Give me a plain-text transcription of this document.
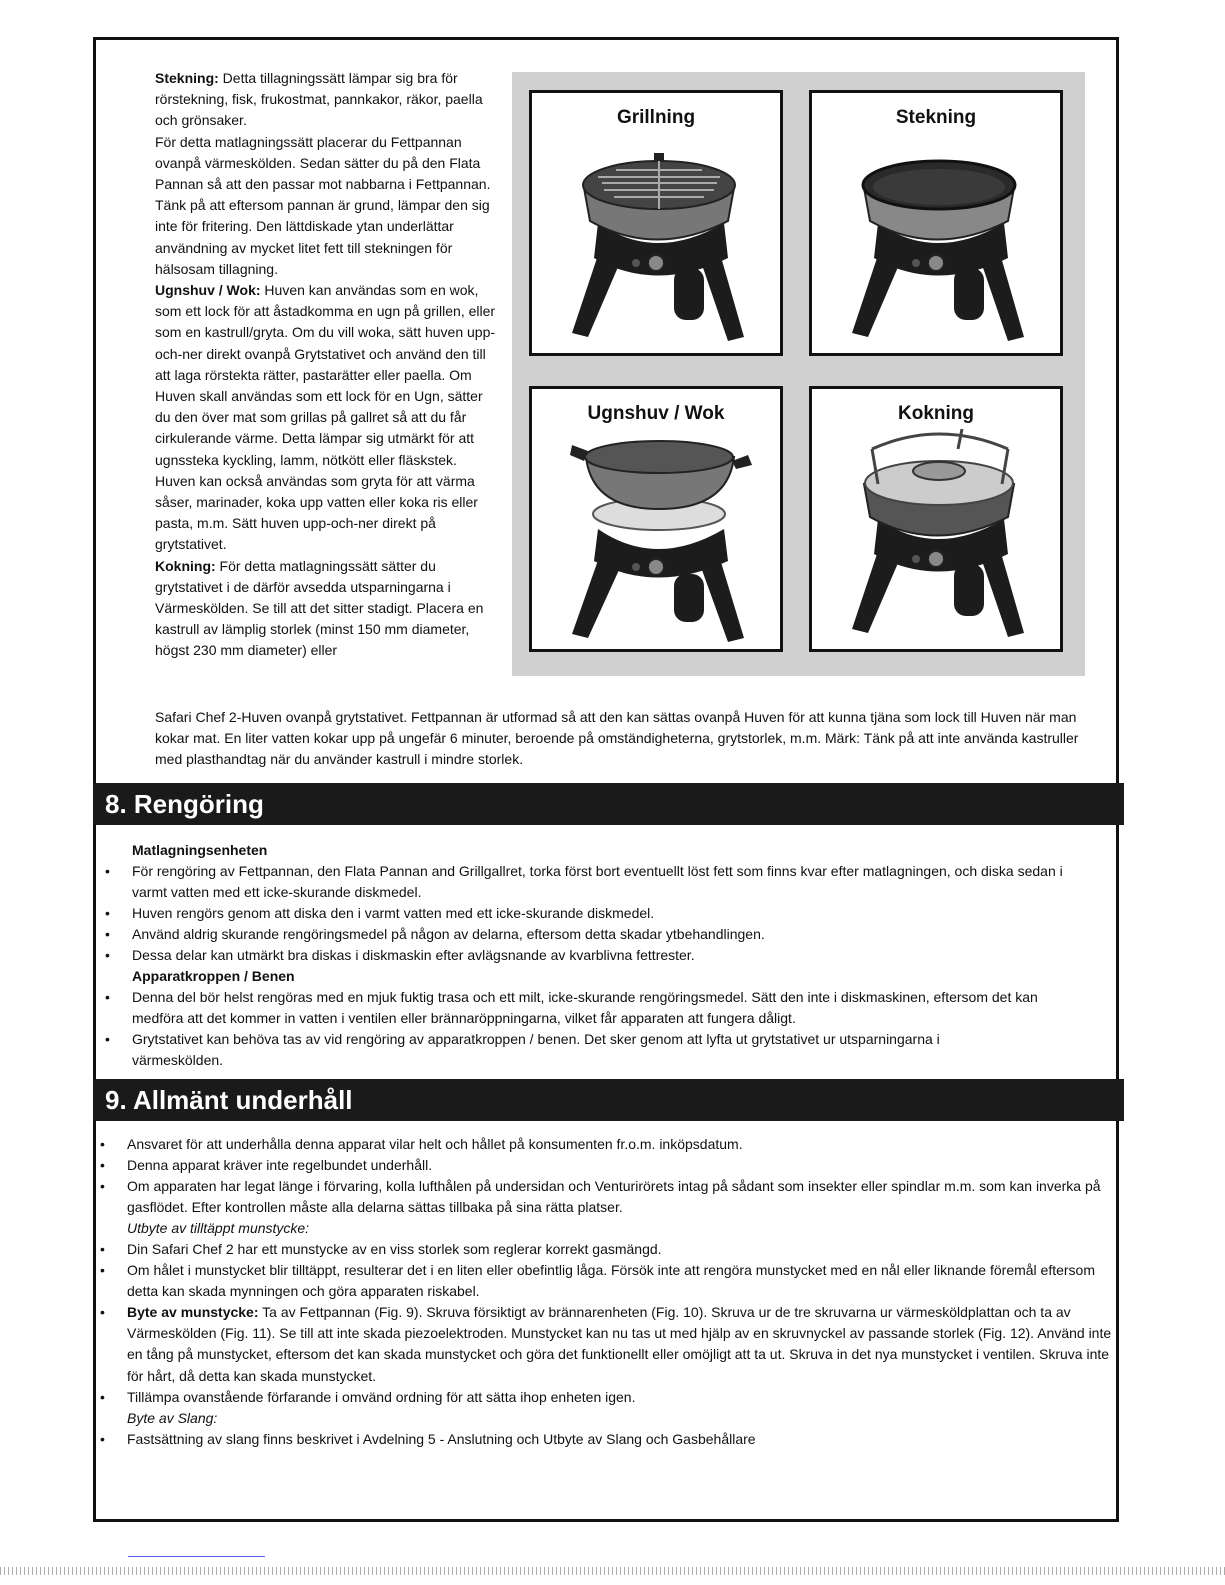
Stekning: Detta tillagningssätt lämpar sig bra för rörstekning, fisk, frukostmat, pannkakor, räkor, paella och grönsaker.

För detta matlagningssätt placerar du Fettpannan ovanpå värmeskölden. Sedan sätter du på den Flata Pannan så att den passar mot nabbarna i Fettpannan. Tänk på att eftersom pannan är grund, lämpar den sig inte för fritering. Den lättdiskade ytan underlättar användning av mycket litet fett till stekningen för hälsosam tillagning.

Ugnshuv / Wok: Huven kan användas som en wok, som ett lock för att åstadkomma en ugn på grillen, eller som en kastrull/gryta. Om du vill woka, sätt huven upp-och-ner direkt ovanpå Grytstativet och använd den till att laga rörstekta rätter, pastarätter eller paella. Om Huven skall användas som ett lock för en Ugn, sätter du den över mat som grillas på gallret så att du får cirkulerande värme. Detta lämpar sig utmärkt för att ugnssteka kyckling, lamm, nötkött eller fläskstek. Huven kan också användas som gryta för att värma såser, marinader, koka upp vatten eller koka ris eller pasta, m.m. Sätt huven upp-och-ner direkt på grytstativet.

Kokning: För detta matlagningssätt sätter du grytstativet i de därför avsedda utsparningarna i Värmeskölden. Se till att det sitter stadigt. Placera en kastrull av lämplig storlek (minst 150 mm diameter, högst 230 mm diameter) eller

Safari Chef 2-Huven ovanpå grytstativet. Fettpannan är utformad så att den kan sättas ovanpå Huven för att kunna tjäna som lock till Huven när man kokar mat. En liter vatten kokar upp på ungefär 6 minuter, beroende på omständigheterna, grytstorlek, m.m. Märk: Tänk på att inte använda kastruller med plasthandtag när du använder kastrull i mindre storlek.
Grillning	Stekning
Ugnshuv / Wok	Kokning
8. Rengöring
Matlagningsenheten
• För rengöring av Fettpannan, den Flata Pannan and Grillgallret, torka först bort eventuellt löst fett som finns kvar efter matlagningen, och diska sedan i varmt vatten med ett icke-skurande diskmedel.
• Huven rengörs genom att diska den i varmt vatten med ett icke-skurande diskmedel.
• Använd aldrig skurande rengöringsmedel på någon av delarna, eftersom detta skadar ytbehandlingen.
• Dessa delar kan utmärkt bra diskas i diskmaskin efter avlägsnande av kvarblivna fettrester.
Apparatkroppen / Benen
• Denna del bör helst rengöras med en mjuk fuktig trasa och ett milt, icke-skurande rengöringsmedel. Sätt den inte i diskmaskinen, eftersom det kan medföra att det kommer in vatten i ventilen eller brännaröppningarna, vilket får apparaten att fungera dåligt.
• Grytstativet kan behöva tas av vid rengöring av apparatkroppen / benen. Det sker genom att lyfta ut grytstativet ur utsparningarna i värmeskölden.
9. Allmänt underhåll
• Ansvaret för att underhålla denna apparat vilar helt och hållet på konsumenten fr.o.m. inköpsdatum.
• Denna apparat kräver inte regelbundet underhåll.
• Om apparaten har legat länge i förvaring, kolla lufthålen på undersidan och Venturirörets intag på sådant som insekter eller spindlar m.m. som kan inverka på gasflödet. Efter kontrollen måste alla delarna sättas tillbaka på sina rätta platser.
Utbyte av tilltäppt munstycke:
• Din Safari Chef 2 har ett munstycke av en viss storlek som reglerar korrekt gasmängd.
• Om hålet i munstycket blir tilltäppt, resulterar det i en liten eller obefintlig låga. Försök inte att rengöra munstycket med en nål eller liknande föremål eftersom detta kan skada mynningen och göra apparaten riskabel.
• Byte av munstycke: Ta av Fettpannan (Fig. 9). Skruva försiktigt av brännarenheten (Fig. 10). Skruva ur de tre skruvarna ur värmesköldplattan och ta av Värmeskölden (Fig. 11). Se till att inte skada piezoelektroden. Munstycket kan nu tas ut med hjälp av en skruvnyckel av passande storlek (Fig. 12). Använd inte en tång på munstycket, eftersom det kan skada munstycket och göra det funktionellt eller omöjligt att ta ut. Skruva in det nya munstycket i ventilen. Skruva inte för hårt, då detta kan skada munstycket.
• Tillämpa ovanstående förfarande i omvänd ordning för att sätta ihop enheten igen.
Byte av Slang:
• Fastsättning av slang finns beskrivet i Avdelning 5 - Anslutning och Utbyte av Slang och Gasbehållare
